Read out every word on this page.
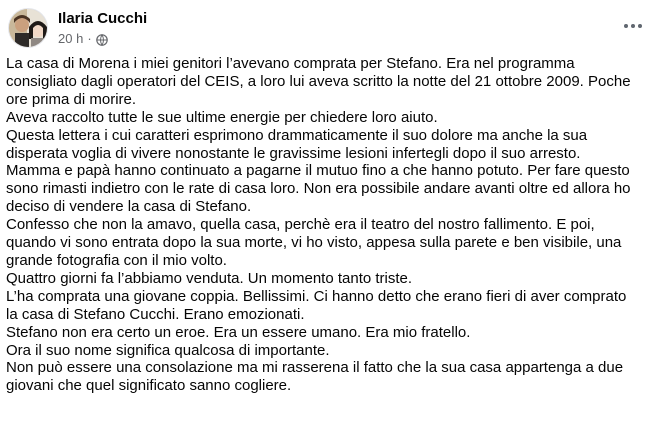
Ilaria Cucchi
20 h ·
La casa di Morena i miei genitori l’avevano comprata per Stefano. Era nel programma
consigliato dagli operatori del CEIS, a loro lui aveva scritto la notte del 21 ottobre 2009. Poche
ore prima di morire.
Aveva raccolto tutte le sue ultime energie per chiedere loro aiuto.
Questa lettera i cui caratteri esprimono drammaticamente il suo dolore ma anche la sua
disperata voglia di vivere nonostante le gravissime lesioni infertegli dopo il suo arresto.
Mamma e papà hanno continuato a pagarne il mutuo fino a che hanno potuto. Per fare questo
sono rimasti indietro con le rate di casa loro. Non era possibile andare avanti oltre ed allora ho
deciso di vendere la casa di Stefano.
Confesso che non la amavo, quella casa, perchè era il teatro del nostro fallimento. E poi,
quando vi sono entrata dopo la sua morte, vi ho visto, appesa sulla parete e ben visibile, una
grande fotografia con il mio volto.
Quattro giorni fa l’abbiamo venduta. Un momento tanto triste.
L’ha comprata una giovane coppia. Bellissimi. Ci hanno detto che erano fieri di aver comprato
la casa di Stefano Cucchi. Erano emozionati.
Stefano non era certo un eroe. Era un essere umano. Era mio fratello.
Ora il suo nome significa qualcosa di importante.
Non può essere una consolazione ma mi rasserena il fatto che la sua casa appartenga a due
giovani che quel significato sanno cogliere.
